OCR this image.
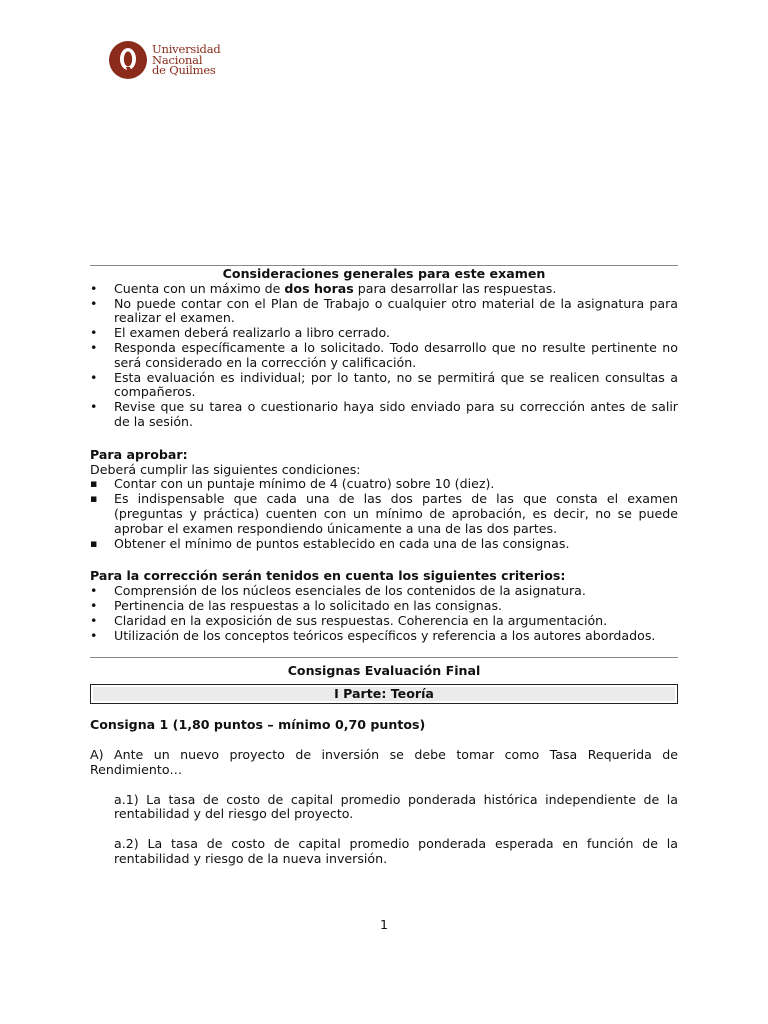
Universidad
Nacional
de Quilmes
Consideraciones generales para este examen
• Cuenta con un máximo de dos horas para desarrollar las respuestas.
• No puede contar con el Plan de Trabajo o cualquier otro material de la asignatura para realizar el examen.
• El examen deberá realizarlo a libro cerrado.
• Responda específicamente a lo solicitado. Todo desarrollo que no resulte pertinente no será considerado en la corrección y calificación.
• Esta evaluación es individual; por lo tanto, no se permitirá que se realicen consultas a compañeros.
• Revise que su tarea o cuestionario haya sido enviado para su corrección antes de salir de la sesión.
Para aprobar:
Deberá cumplir las siguientes condiciones:
▪ Contar con un puntaje mínimo de 4 (cuatro) sobre 10 (diez).
▪ Es indispensable que cada una de las dos partes de las que consta el examen (preguntas y práctica) cuenten con un mínimo de aprobación, es decir, no se puede aprobar el examen respondiendo únicamente a una de las dos partes.
▪ Obtener el mínimo de puntos establecido en cada una de las consignas.
Para la corrección serán tenidos en cuenta los siguientes criterios:
• Comprensión de los núcleos esenciales de los contenidos de la asignatura.
• Pertinencia de las respuestas a lo solicitado en las consignas.
• Claridad en la exposición de sus respuestas. Coherencia en la argumentación.
• Utilización de los conceptos teóricos específicos y referencia a los autores abordados.
Consignas Evaluación Final
I Parte: Teoría
Consigna 1 (1,80 puntos – mínimo 0,70 puntos)
A) Ante un nuevo proyecto de inversión se debe tomar como Tasa Requerida de Rendimiento…
a.1) La tasa de costo de capital promedio ponderada histórica independiente de la rentabilidad y del riesgo del proyecto.
a.2) La tasa de costo de capital promedio ponderada esperada en función de la rentabilidad y riesgo de la nueva inversión.
1
